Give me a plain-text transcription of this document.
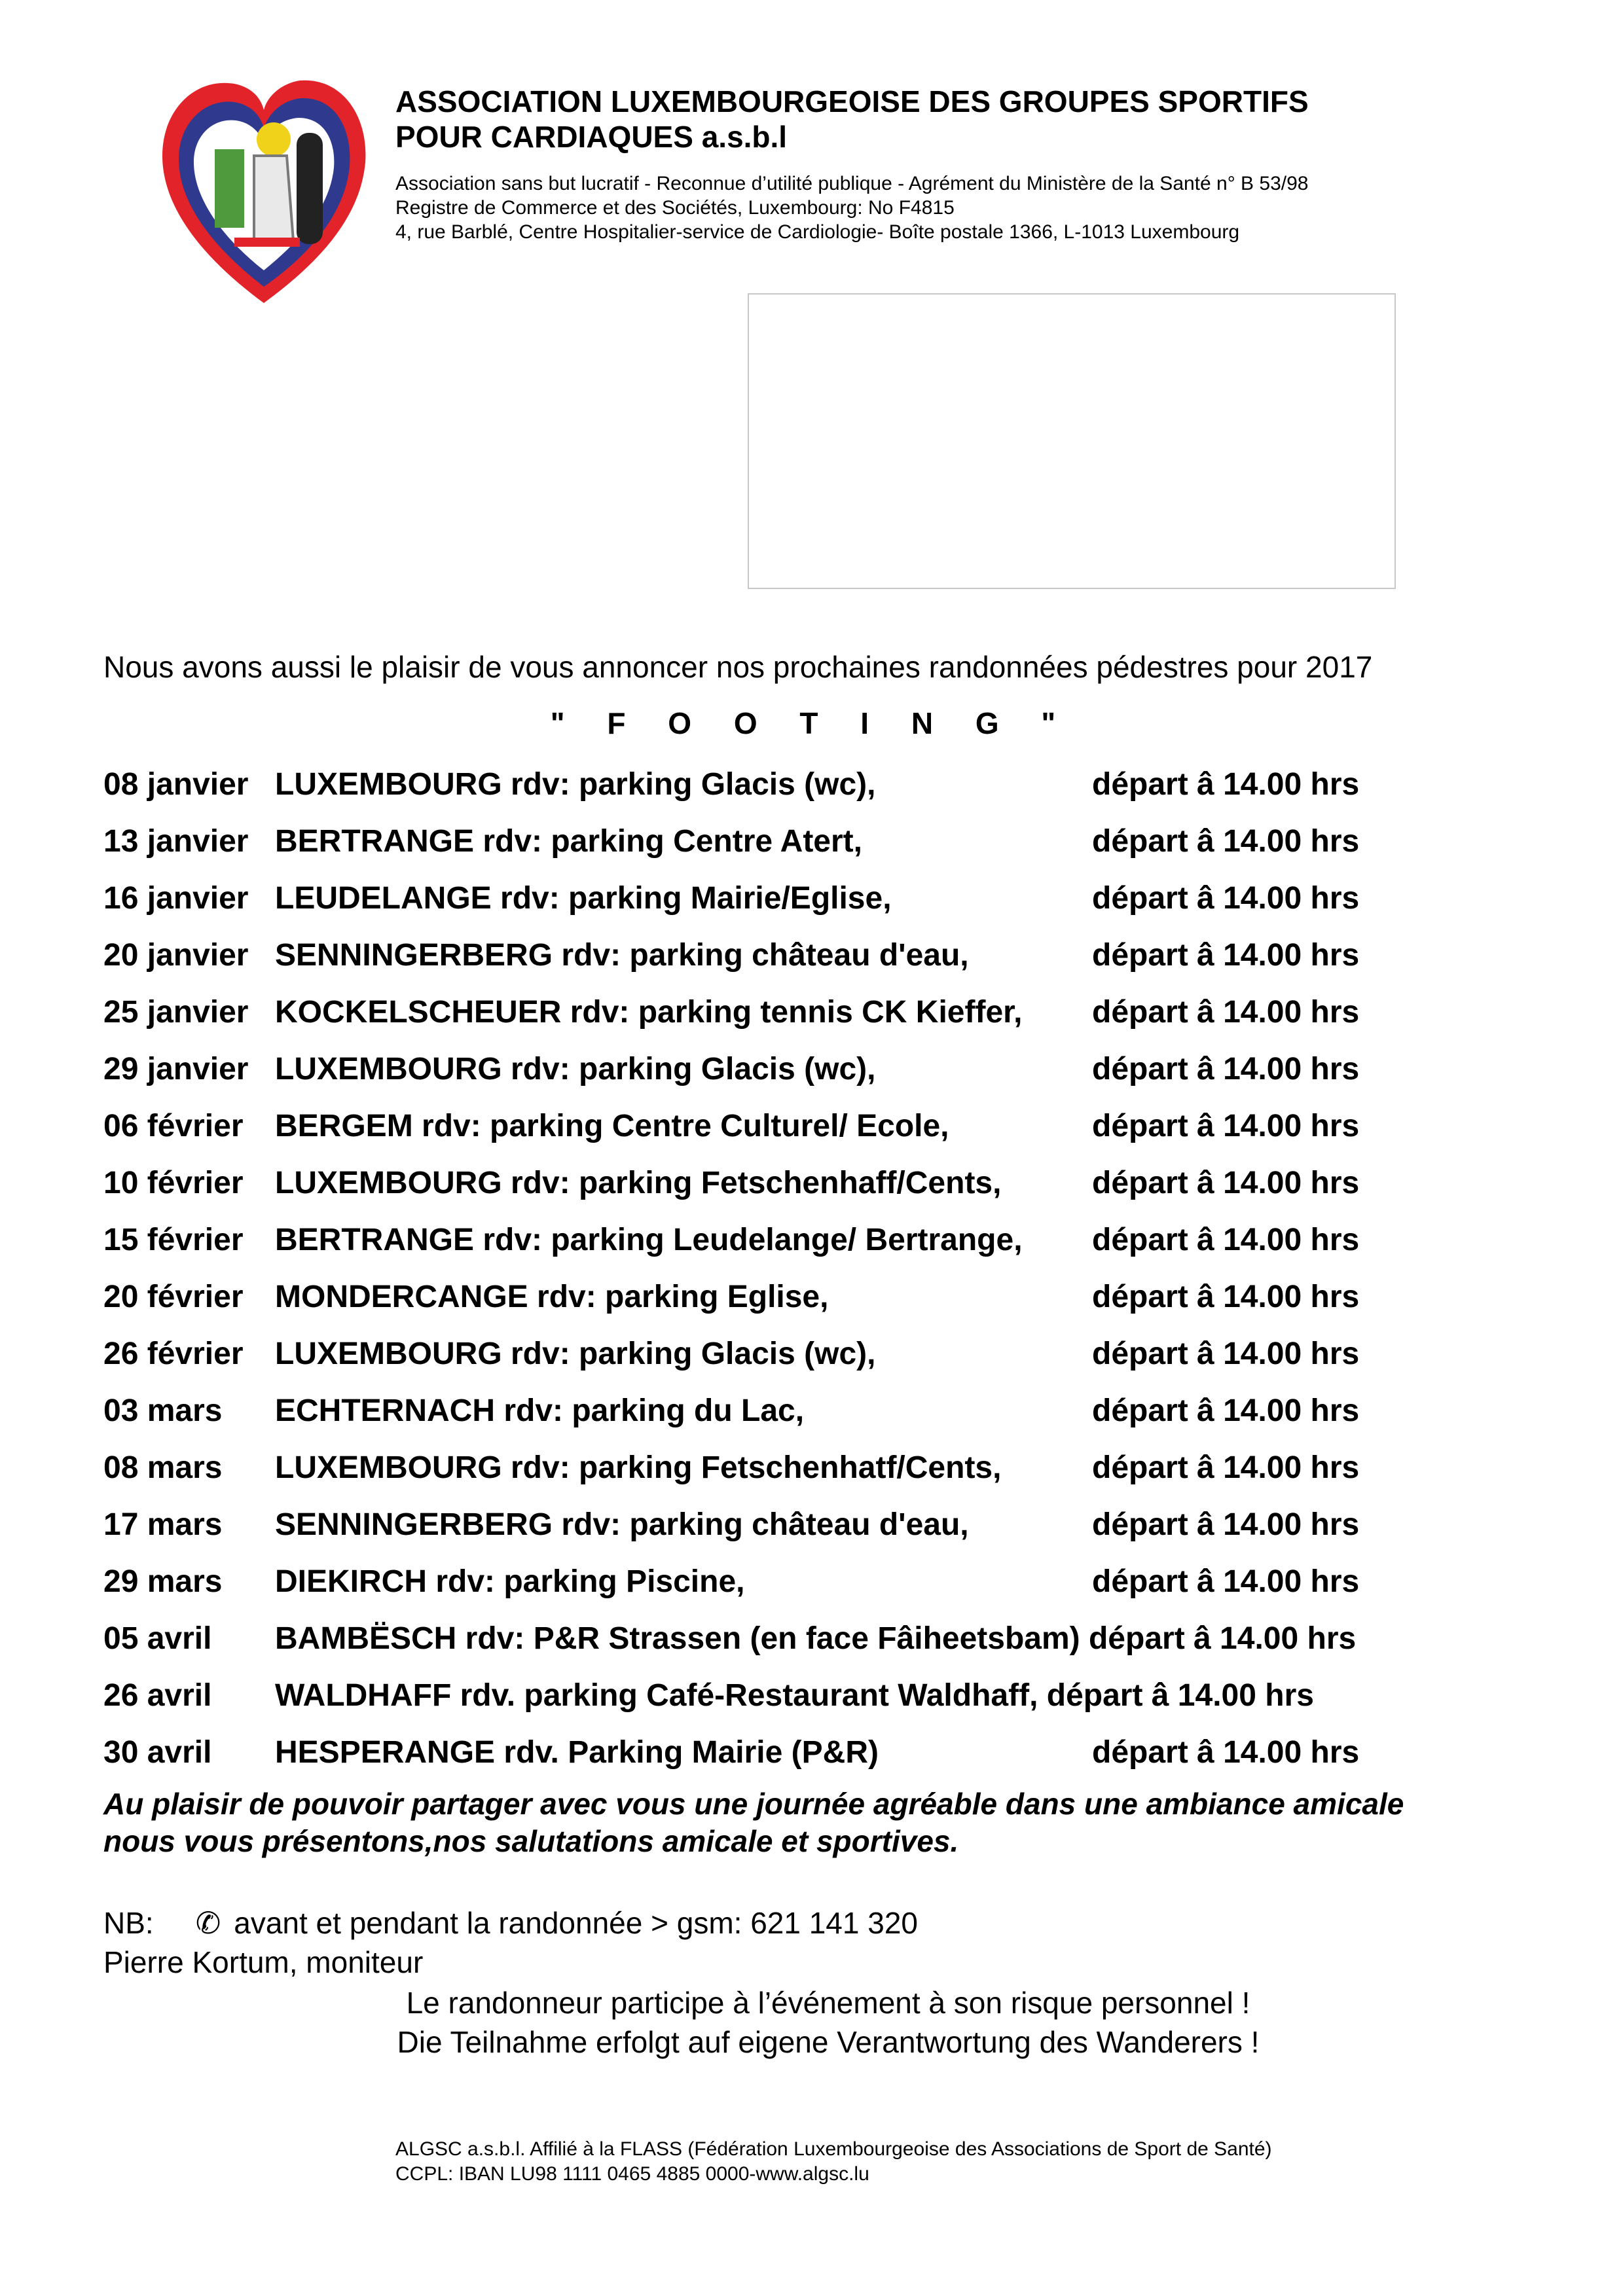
ASSOCIATION LUXEMBOURGEOISE DES GROUPES SPORTIFS
POUR CARDIAQUES a.s.b.l
Association sans but lucratif - Reconnue d’utilité publique - Agrément du Ministère de la Santé n° B 53/98
Registre de Commerce et des Sociétés, Luxembourg: No F4815
4, rue Barblé, Centre Hospitalier-service de Cardiologie- Boîte postale 1366, L-1013 Luxembourg
Nous avons aussi le plaisir de vous annoncer nos prochaines randonnées pédestres pour 2017
" F O O T I N G "
08 janvier LUXEMBOURG rdv: parking Glacis (wc),	départ â 14.00 hrs
13 janvier BERTRANGE rdv: parking Centre Atert,	départ â 14.00 hrs
16 janvier LEUDELANGE rdv: parking Mairie/Eglise,	départ â 14.00 hrs
20 janvier SENNINGERBERG rdv: parking château d'eau,	départ â 14.00 hrs
25 janvier KOCKELSCHEUER rdv: parking tennis CK Kieffer, départ â 14.00 hrs
29 janvier LUXEMBOURG rdv: parking Glacis (wc),	départ â 14.00 hrs
06 février BERGEM rdv: parking Centre Culturel/ Ecole,	départ â 14.00 hrs
10 février LUXEMBOURG rdv: parking Fetschenhaff/Cents,	départ â 14.00 hrs
15 février BERTRANGE rdv: parking Leudelange/ Bertrange, départ â 14.00 hrs
20 février MONDERCANGE rdv: parking Eglise,	départ â 14.00 hrs
26 février LUXEMBOURG rdv: parking Glacis (wc),	départ â 14.00 hrs
03 mars ECHTERNACH rdv: parking du Lac,	départ â 14.00 hrs
08 mars LUXEMBOURG rdv: parking Fetschenhatf/Cents,	départ â 14.00 hrs
17 mars SENNINGERBERG rdv: parking château d'eau,	départ â 14.00 hrs
29 mars DIEKIRCH rdv: parking Piscine,	départ â 14.00 hrs
05 avril BAMBËSCH rdv: P&R Strassen (en face Fâiheetsbam) départ â 14.00 hrs
26 avril WALDHAFF rdv. parking Café-Restaurant Waldhaff, départ â 14.00 hrs
30 avril HESPERANGE rdv. Parking Mairie (P&R)	départ â 14.00 hrs
Au plaisir de pouvoir partager avec vous une journée agréable dans une ambiance amicale
nous vous présentons,nos salutations amicale et sportives.
NB: ✆ avant et pendant la randonnée > gsm: 621 141 320
Pierre Kortum, moniteur
Le randonneur participe à l’événement à son risque personnel !
Die Teilnahme erfolgt auf eigene Verantwortung des Wanderers !
ALGSC a.s.b.l. Affilié à la FLASS (Fédération Luxembourgeoise des Associations de Sport de Santé)
CCPL: IBAN LU98 1111 0465 4885 0000-www.algsc.lu
